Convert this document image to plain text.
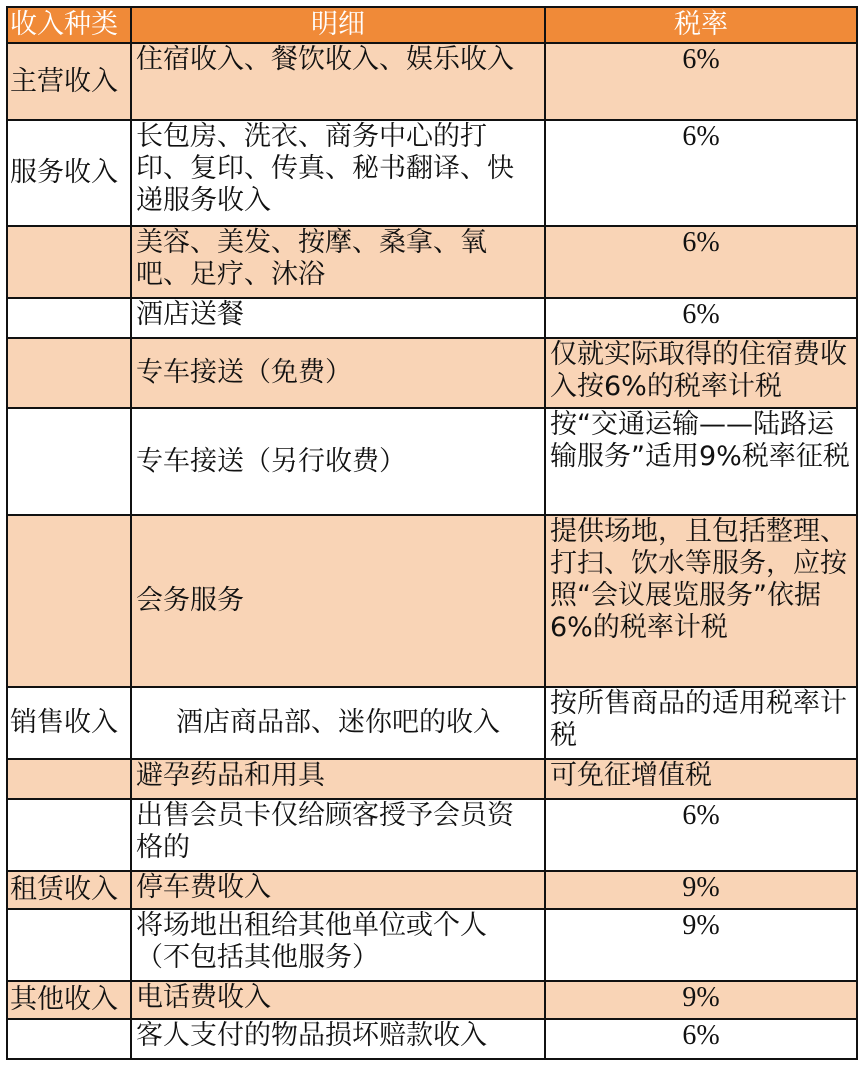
收入种类	明细	税率
主营收入	住宿收入、餐饮收入、娱乐收入	6%
服务收入	长包房、洗衣、商务中心的打印、复印、传真、秘书翻译、快递服务收入	6%
	美容、美发、按摩、桑拿、氧吧、足疗、沐浴	6%
	酒店送餐	6%
	专车接送（免费）	仅就实际取得的住宿费收入按6%的税率计税
	专车接送（另行收费）	按“交通运输——陆路运输服务”适用9%税率征税
	会务服务	提供场地，且包括整理、打扫、饮水等服务，应按照“会议展览服务”依据6%的税率计税
销售收入	酒店商品部、迷你吧的收入	按所售商品的适用税率计税
	避孕药品和用具	可免征增值税
	出售会员卡仅给顾客授予会员资格的	6%
租赁收入	停车费收入	9%
	将场地出租给其他单位或个人（不包括其他服务）	9%
其他收入	电话费收入	9%
	客人支付的物品损坏赔款收入	6%
